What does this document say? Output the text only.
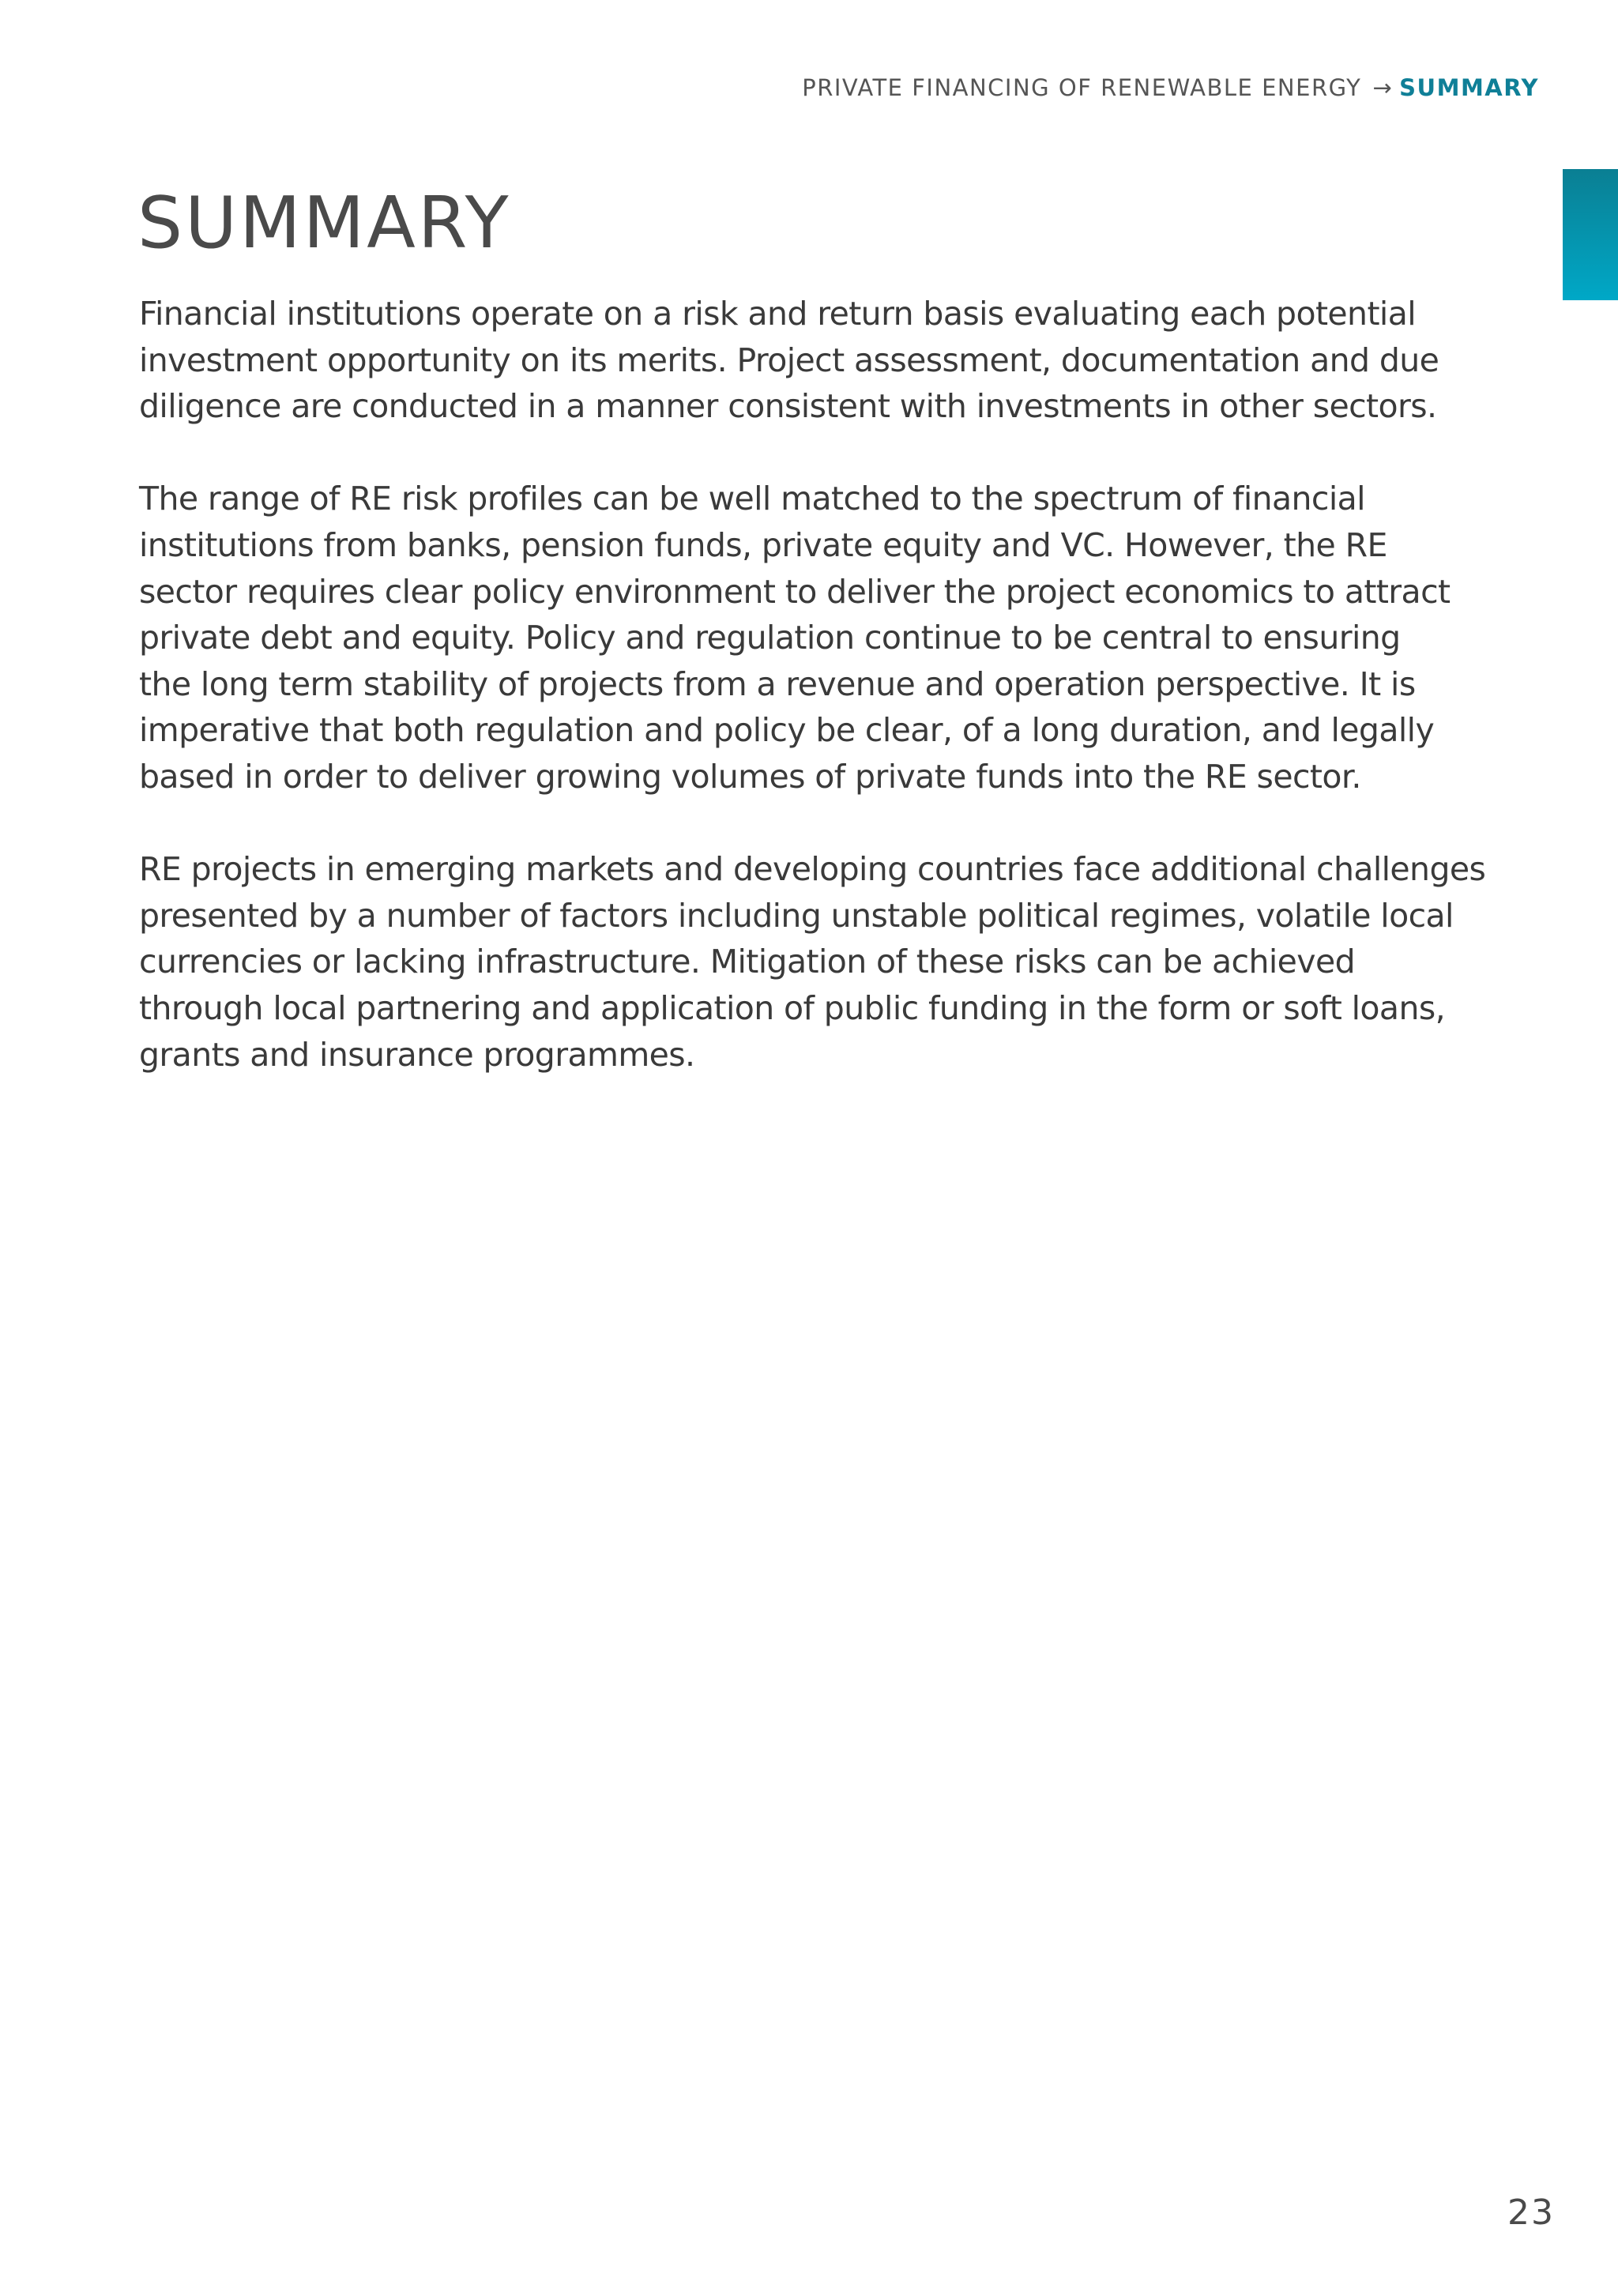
PRIVATE FINANCING OF RENEWABLE ENERGY → SUMMARY
SUMMARY

Financial institutions operate on a risk and return basis evaluating each potential
investment opportunity on its merits. Project assessment, documentation and due
diligence are conducted in a manner consistent with investments in other sectors.

The range of RE risk profiles can be well matched to the spectrum of financial
institutions from banks, pension funds, private equity and VC. However, the RE
sector requires clear policy environment to deliver the project economics to attract
private debt and equity. Policy and regulation continue to be central to ensuring
the long term stability of projects from a revenue and operation perspective. It is
imperative that both regulation and policy be clear, of a long duration, and legally
based in order to deliver growing volumes of private funds into the RE sector.

RE projects in emerging markets and developing countries face additional challenges
presented by a number of factors including unstable political regimes, volatile local
currencies or lacking infrastructure. Mitigation of these risks can be achieved
through local partnering and application of public funding in the form or soft loans,
grants and insurance programmes.

23
